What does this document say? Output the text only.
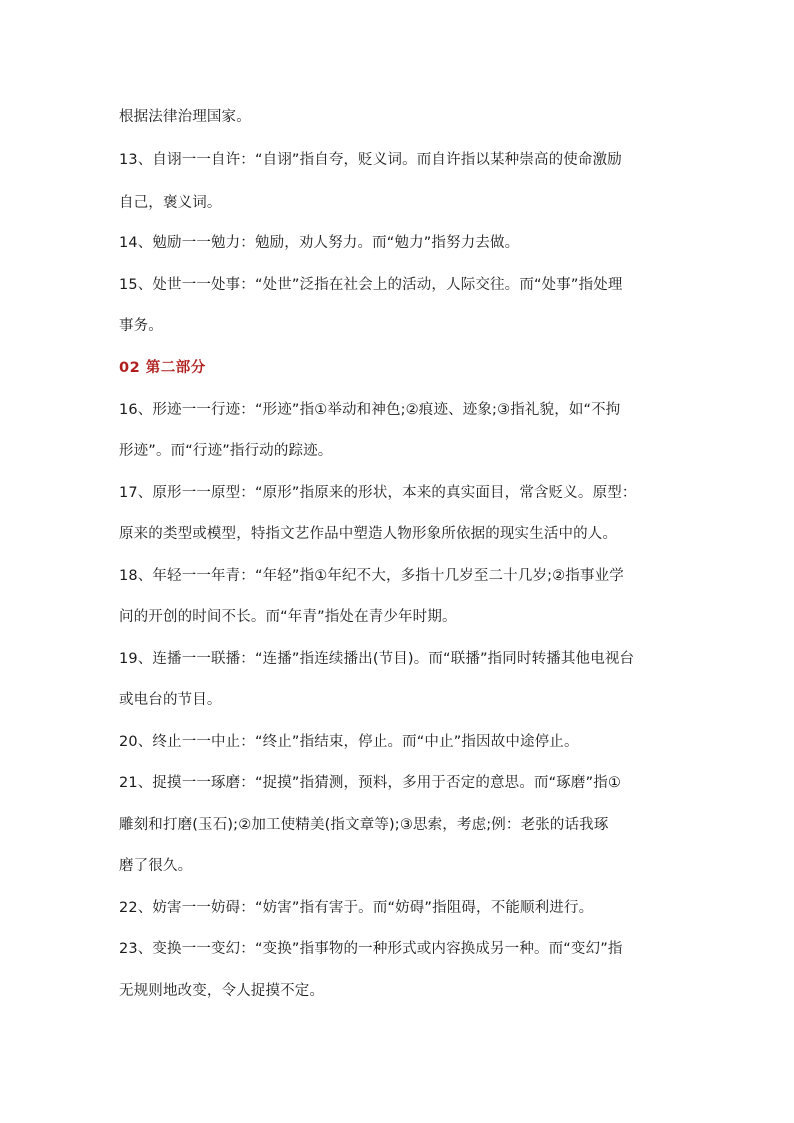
根据法律治理国家。
13、自诩一一自许：“自诩”指自夸，贬义词。而自许指以某种崇高的使命激励
自己，褒义词。
14、勉励一一勉力：勉励，劝人努力。而“勉力”指努力去做。
15、处世一一处事：“处世”泛指在社会上的活动，人际交往。而“处事”指处理
事务。
02 第二部分
16、形迹一一行迹：“形迹”指①举动和神色;②痕迹、迹象;③指礼貌，如“不拘
形迹”。而“行迹”指行动的踪迹。
17、原形一一原型：“原形”指原来的形状，本来的真实面目，常含贬义。原型：
原来的类型或模型，特指文艺作品中塑造人物形象所依据的现实生活中的人。
18、年轻一一年青：“年轻”指①年纪不大，多指十几岁至二十几岁;②指事业学
问的开创的时间不长。而“年青”指处在青少年时期。
19、连播一一联播：“连播”指连续播出(节目)。而“联播”指同时转播其他电视台
或电台的节目。
20、终止一一中止：“终止”指结束，停止。而“中止”指因故中途停止。
21、捉摸一一琢磨：“捉摸”指猜测，预料，多用于否定的意思。而“琢磨”指①
雕刻和打磨(玉石);②加工使精美(指文章等);③思索，考虑;例：老张的话我琢
磨了很久。
22、妨害一一妨碍：“妨害”指有害于。而“妨碍”指阻碍，不能顺利进行。
23、变换一一变幻：“变换”指事物的一种形式或内容换成另一种。而“变幻”指
无规则地改变，令人捉摸不定。
